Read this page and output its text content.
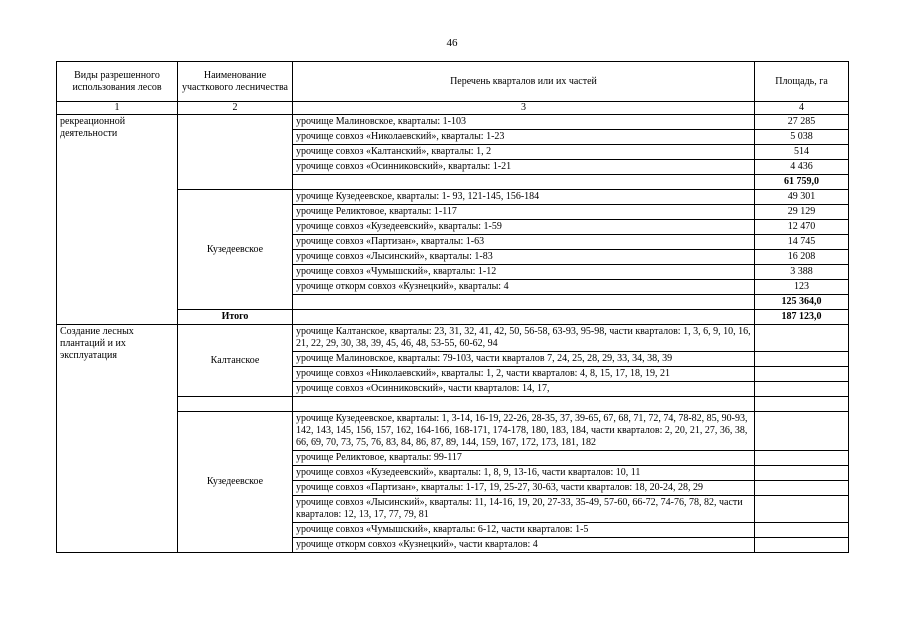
46
Виды разрешенного использования лесов	Наименование участкового лесничества	Перечень кварталов или их частей	Площадь, га
1	2	3	4
рекреационной деятельности		урочище Малиновское, кварталы: 1-103	27 285
		урочище совхоз «Николаевский», кварталы: 1-23	5 038
		урочище совхоз «Калтанский», кварталы: 1, 2	514
		урочище совхоз «Осинниковский», кварталы: 1-21	4 436
			61 759,0
	Кузедеевское	урочище Кузедеевское, кварталы: 1- 93, 121-145, 156-184	49 301
		урочище Реликтовое, кварталы: 1-117	29 129
		урочище совхоз «Кузедеевский», кварталы: 1-59	12 470
		урочище совхоз «Партизан», кварталы: 1-63	14 745
		урочище совхоз «Лысинский», кварталы: 1-83	16 208
		урочище совхоз «Чумышский», кварталы: 1-12	3 388
		урочище откорм совхоз «Кузнецкий», кварталы: 4	123
			125 364,0
	Итого		187 123,0
Создание лесных плантаций и их эксплуатация	Калтанское	урочище Калтанское, кварталы: 23, 31, 32, 41, 42, 50, 56-58, 63-93, 95-98, части кварталов: 1, 3, 6, 9, 10, 16, 21, 22, 29, 30, 38, 39, 45, 46, 48, 53-55, 60-62, 94	
		урочище Малиновское, кварталы: 79-103, части кварталов 7, 24, 25, 28, 29, 33, 34, 38, 39	
		урочище совхоз «Николаевский», кварталы: 1, 2, части кварталов: 4, 8, 15, 17, 18, 19, 21	
		урочище совхоз «Осинниковский», части кварталов: 14, 17,	

	Кузедеевское	урочище Кузедеевское, кварталы: 1, 3-14, 16-19, 22-26, 28-35, 37, 39-65, 67, 68, 71, 72, 74, 78-82, 85, 90-93, 142, 143, 145, 156, 157, 162, 164-166, 168-171, 174-178, 180, 183, 184, части кварталов: 2, 20, 21, 27, 36, 38, 66, 69, 70, 73, 75, 76, 83, 84, 86, 87, 89, 144, 159, 167, 172, 173, 181, 182	
		урочище Реликтовое, кварталы: 99-117	
		урочище совхоз «Кузедеевский», кварталы: 1, 8, 9, 13-16, части кварталов: 10, 11	
		урочище совхоз «Партизан», кварталы: 1-17, 19, 25-27, 30-63, части кварталов: 18, 20-24, 28, 29	
		урочище совхоз «Лысинский», кварталы: 11, 14-16, 19, 20, 27-33, 35-49, 57-60, 66-72, 74-76, 78, 82, части кварталов: 12, 13, 17, 77, 79, 81	
		урочище совхоз «Чумышский», кварталы: 6-12, части кварталов: 1-5	
		урочище откорм совхоз «Кузнецкий», части кварталов: 4	
